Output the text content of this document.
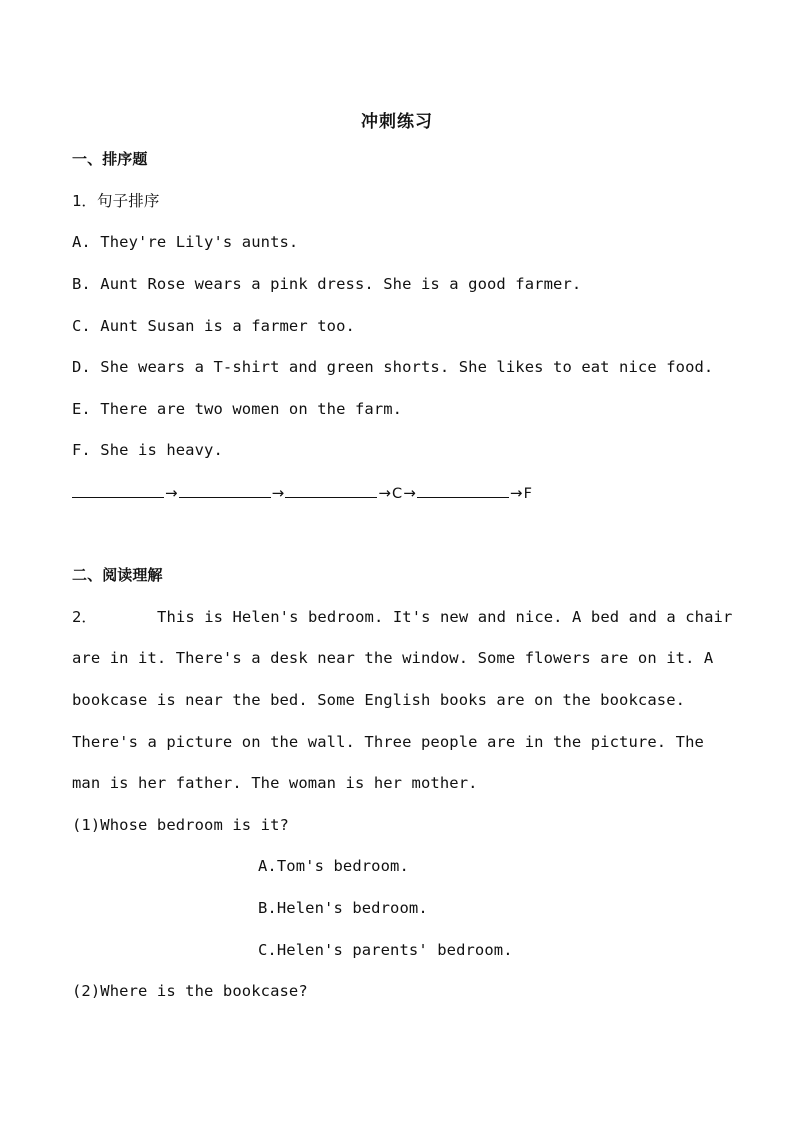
冲刺练习
一、排序题
1．句子排序
A. They're Lily's aunts.
B. Aunt Rose wears a pink dress. She is a good farmer.
C. Aunt Susan is a farmer too.
D. She wears a T-shirt and green shorts. She likes to eat nice food.
E. There are two women on the farm.
F. She is heavy.
→	→	→C→	→F
二、阅读理解
2．	This is Helen's bedroom. It's new and nice. A bed and a chair
are in it. There's a desk near the window. Some flowers are on it. A
bookcase is near the bed. Some English books are on the bookcase.
There's a picture on the wall. Three people are in the picture. The
man is her father. The woman is her mother.
(1)Whose bedroom is it?
A.Tom's bedroom.
B.Helen's bedroom.
C.Helen's parents' bedroom.
(2)Where is the bookcase?
